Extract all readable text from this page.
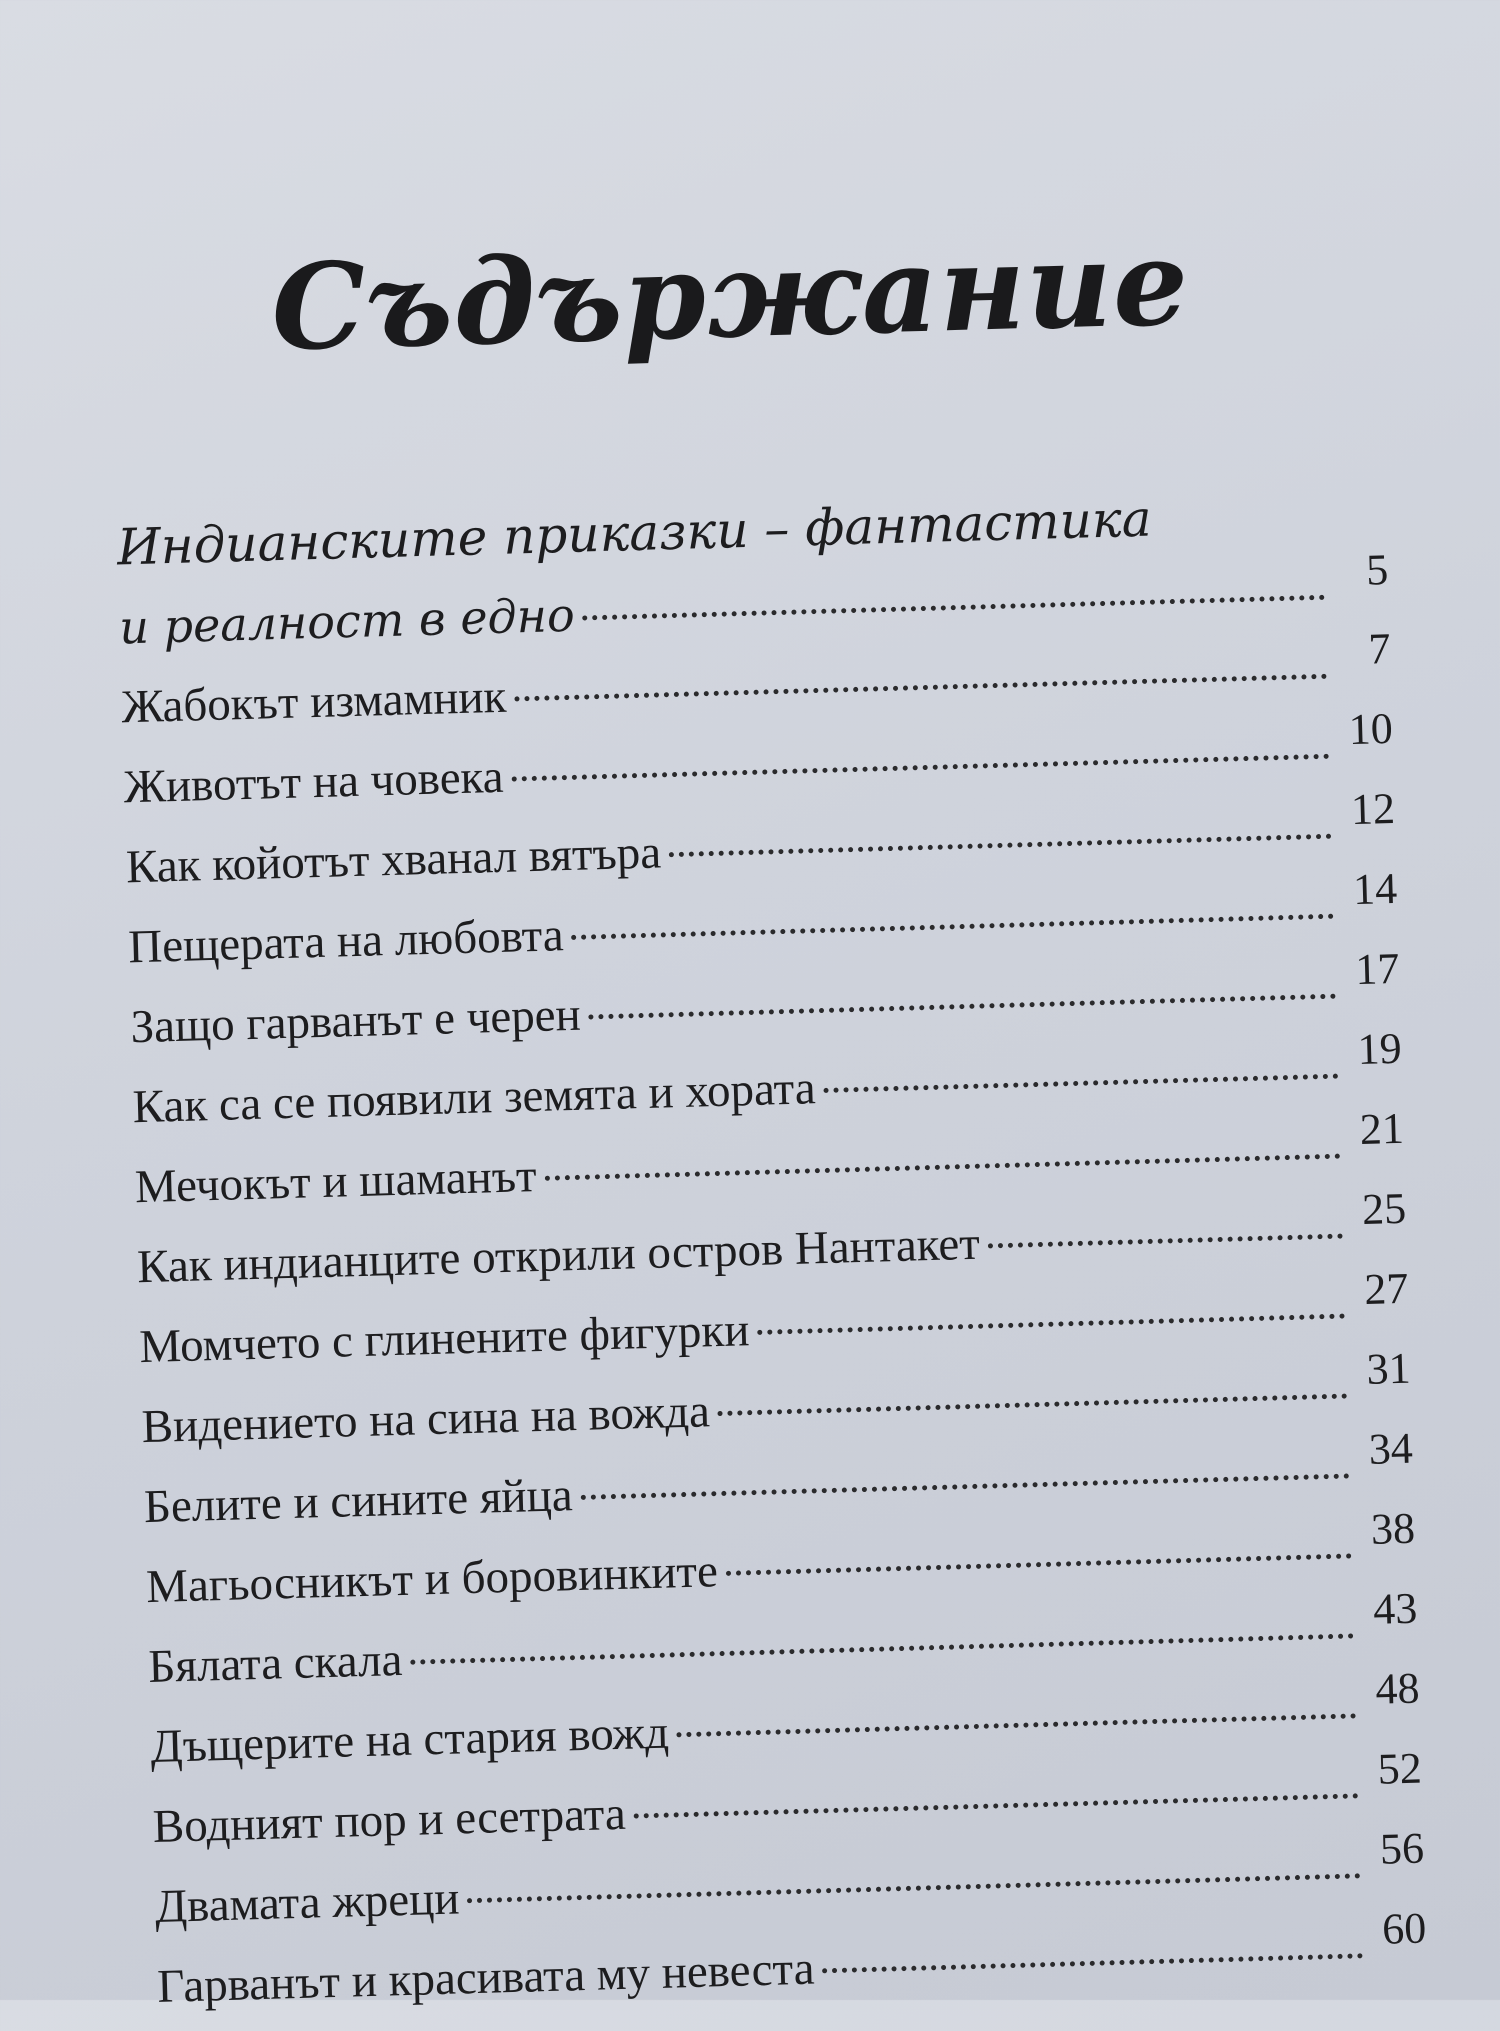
Съдържание
Индианските приказки – фантастика
и реалност в едно
5
Жабокът измамник
7
Животът на човека
10
Как койотът хванал вятъра
12
Пещерата на любовта
14
Защо гарванът е черен
17
Как са се появили земята и хората
19
Мечокът и шаманът
21
Как индианците открили остров Нантакет
25
Момчето с глинените фигурки
27
Видението на сина на вожда
31
Белите и сините яйца
34
Магьосникът и боровинките
38
Бялата скала
43
Дъщерите на стария вожд
48
Водният пор и есетрата
52
Двамата жреци
56
Гарванът и красивата му невеста
60
